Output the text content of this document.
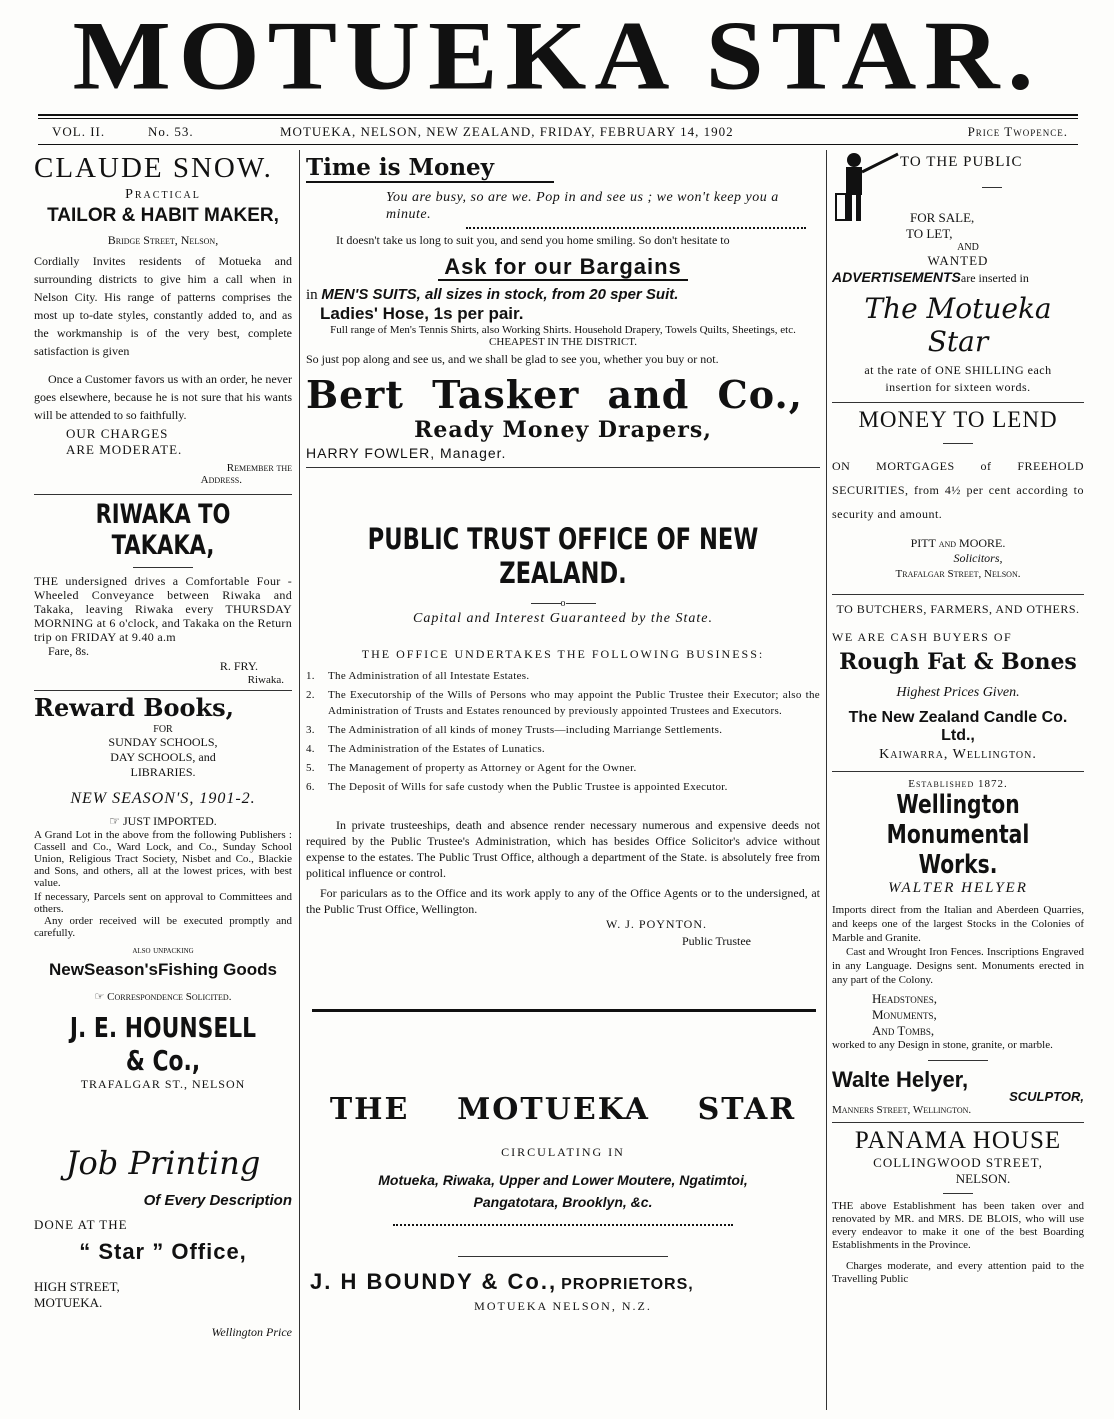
MOTUEKA STAR.
VOL. II.	No. 53.	MOTUEKA, NELSON, NEW ZEALAND, FRIDAY, FEBRUARY 14, 1902	Price Twopence.
CLAUDE SNOW.

Practical

TAILOR & HABIT MAKER,

Bridge Street, Nelson,

Cordially Invites residents of Motueka and surrounding districts to give him a call when in Nelson City. His range of patterns comprises the most up to-date styles, constantly added to, and as the workmanship is of the very best, complete satisfaction is given

Once a Customer favors us with an order, he never goes elsewhere, because he is not sure that his wants will be attended to so faithfully.

OUR CHARGES

ARE MODERATE.

Remember the

Address.

RIWAKA TO TAKAKA,

THE undersigned drives a Comfortable Four - Wheeled Conveyance between Riwaka and Takaka, leaving Riwaka every THURSDAY MORNING at 6 o'clock, and Takaka on the Return trip on FRIDAY at 9.40 a.m

Fare, 8s.

R. FRY.

Riwaka.

Reward Books,

FOR

SUNDAY SCHOOLS,

DAY SCHOOLS, and

LIBRARIES.

NEW SEASON'S, 1901-2.

☞ JUST IMPORTED.

A Grand Lot in the above from the following Publishers : Cassell and Co., Ward Lock, and Co., Sunday School Union, Religious Tract Society, Nisbet and Co., Blackie and Sons, and others, all at the lowest prices, with best value.

If necessary, Parcels sent on approval to Committees and others.

Any order received will be executed promptly and carefully.

also unpacking

NewSeason'sFishing Goods

☞ Correspondence Solicited.

J. E. HOUNSELL & Co.,

TRAFALGAR ST., NELSON

Job Printing

Of Every Description

DONE AT THE

“ Star ” Office,

HIGH STREET,

MOTUEKA.

Wellington Price

Time is Money

You are busy, so are we. Pop in and see us ; we won't keep you a minute.

It doesn't take us long to suit you, and send you home smiling. So don't hesitate to

Ask for our Bargains

in MEN'S SUITS, all sizes in stock, from 20 sper Suit.

Ladies' Hose, 1s per pair.

Full range of Men's Tennis Shirts, also Working Shirts. Household Drapery, Towels Quilts, Sheetings, etc. CHEAPEST IN THE DISTRICT.

So just pop along and see us, and we shall be glad to see you, whether you buy or not.

Bert Tasker and Co.,

Ready Money Drapers,

HARRY FOWLER, Manager.

PUBLIC TRUST OFFICE OF NEW ZEALAND.

o

Capital and Interest Guaranteed by the State.

THE OFFICE UNDERTAKES THE FOLLOWING BUSINESS:

1.	The Administration of all Intestate Estates.
2.	The Executorship of the Wills of Persons who may appoint the Public Trustee their Executor; also the Administration of Trusts and Estates renounced by previously appointed Trustees and Executors.
3.	The Administration of all kinds of money Trusts—including Marriange Settlements.
4.	The Administration of the Estates of Lunatics.
5.	The Management of property as Attorney or Agent for the Owner.
6.	The Deposit of Wills for safe custody when the Public Trustee is appointed Executor.

In private trusteeships, death and absence render necessary numerous and expensive deeds not required by the Public Trustee's Administration, which has besides Office Solicitor's advice without expense to the estates. The Public Trust Office, although a department of the State. is absolutely free from political influence or control.

For pariculars as to the Office and its work apply to any of the Office Agents or to the undersigned, at the Public Trust Office, Wellington.

W. J. POYNTON.

Public Trustee

THE MOTUEKA STAR

CIRCULATING IN

Motueka, Riwaka, Upper and Lower Moutere, Ngatimtoi,

Pangatotara, Brooklyn, &c.

J. H BOUNDY & Co., PROPRIETORS,

MOTUEKA NELSON, N.Z.

TO THE PUBLIC

FOR SALE,

TO LET,

AND

WANTED

ADVERTISEMENTSare inserted in

The Motueka Star

at the rate of ONE SHILLING each insertion for sixteen words.

MONEY TO LEND

ON MORTGAGES of FREEHOLD SECURITIES, from 4½ per cent according to security and amount.

PITT and MOORE.

Solicitors,

Trafalgar Street, Nelson.

TO BUTCHERS, FARMERS, AND OTHERS.

WE ARE CASH BUYERS OF

Rough Fat & Bones

Highest Prices Given.

The New Zealand Candle Co. Ltd.,

Kaiwarra, Wellington.

Established 1872.

Wellington Monumental Works.

WALTER HELYER

Imports direct from the Italian and Aberdeen Quarries, and keeps one of the largest Stocks in the Colonies of Marble and Granite.

Cast and Wrought Iron Fences. Inscriptions Engraved in any Language. Designs sent. Monuments erected in any part of the Colony.

Headstones,

Monuments,

And Tombs,

worked to any Design in stone, granite, or marble.

Walte Helyer,

SCULPTOR,

Manners Street, Wellington.

PANAMA HOUSE

COLLINGWOOD STREET,

NELSON.

THE above Establishment has been taken over and renovated by MR. and MRS. DE BLOIS, who will use every endeavor to make it one of the best Boarding Establishments in the Province.

Charges moderate, and every attention paid to the Travelling Public
